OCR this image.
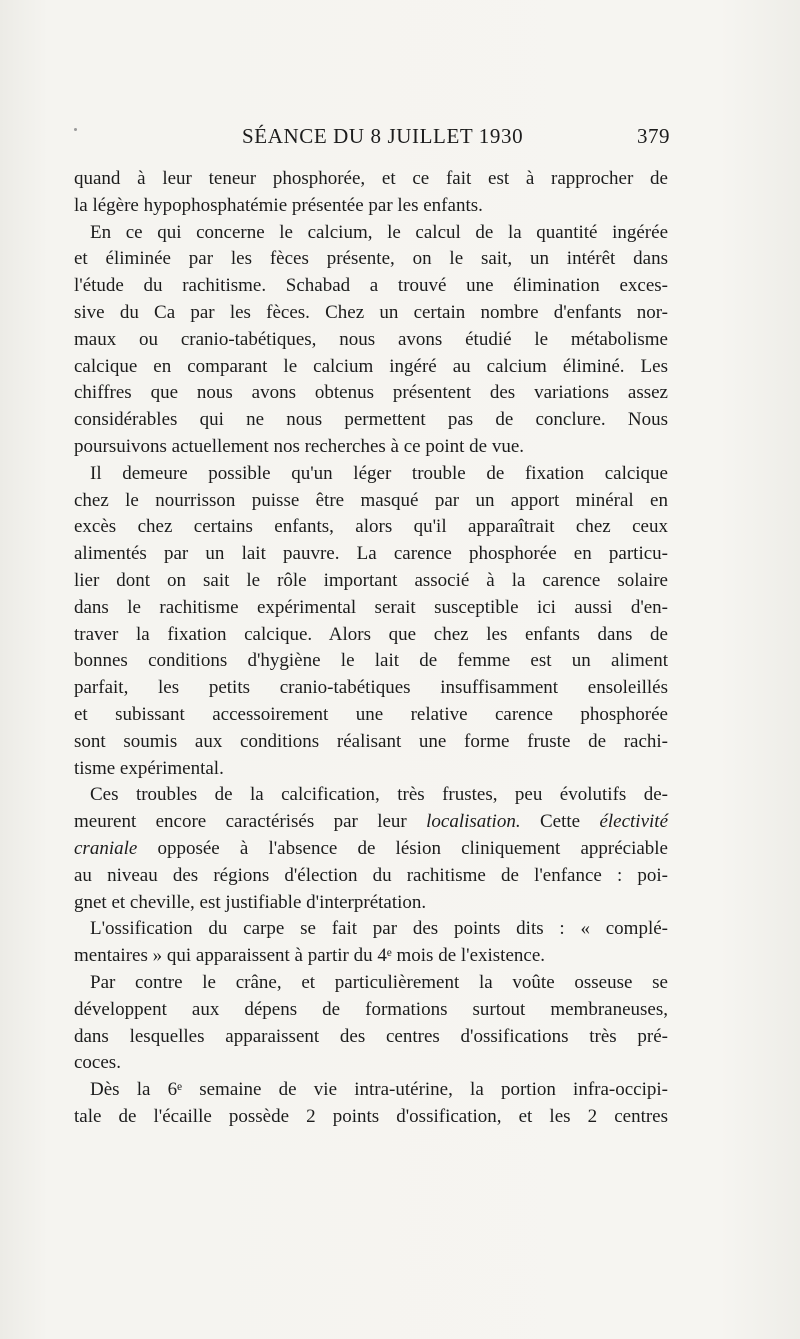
SÉANCE DU 8 JUILLET 1930	379

quand à leur teneur phosphorée, et ce fait est à rapprocher de

la légère hypophosphatémie présentée par les enfants.

En ce qui concerne le calcium, le calcul de la quantité ingérée

et éliminée par les fèces présente, on le sait, un intérêt dans

l'étude du rachitisme. Schabad a trouvé une élimination exces-

sive du Ca par les fèces. Chez un certain nombre d'enfants nor-

maux ou cranio-tabétiques, nous avons étudié le métabolisme

calcique en comparant le calcium ingéré au calcium éliminé. Les

chiffres que nous avons obtenus présentent des variations assez

considérables qui ne nous permettent pas de conclure. Nous

poursuivons actuellement nos recherches à ce point de vue.

Il demeure possible qu'un léger trouble de fixation calcique

chez le nourrisson puisse être masqué par un apport minéral en

excès chez certains enfants, alors qu'il apparaîtrait chez ceux

alimentés par un lait pauvre. La carence phosphorée en particu-

lier dont on sait le rôle important associé à la carence solaire

dans le rachitisme expérimental serait susceptible ici aussi d'en-

traver la fixation calcique. Alors que chez les enfants dans de

bonnes conditions d'hygiène le lait de femme est un aliment

parfait, les petits cranio-tabétiques insuffisamment ensoleillés

et subissant accessoirement une relative carence phosphorée

sont soumis aux conditions réalisant une forme fruste de rachi-

tisme expérimental.

Ces troubles de la calcification, très frustes, peu évolutifs de-

meurent encore caractérisés par leur localisation. Cette électivité

craniale opposée à l'absence de lésion cliniquement appréciable

au niveau des régions d'élection du rachitisme de l'enfance : poi-

gnet et cheville, est justifiable d'interprétation.

L'ossification du carpe se fait par des points dits : « complé-

mentaires » qui apparaissent à partir du 4ᵉ mois de l'existence.

Par contre le crâne, et particulièrement la voûte osseuse se

développent aux dépens de formations surtout membraneuses,

dans lesquelles apparaissent des centres d'ossifications très pré-

coces.

Dès la 6ᵉ semaine de vie intra-utérine, la portion infra-occipi-

tale de l'écaille possède 2 points d'ossification, et les 2 centres
